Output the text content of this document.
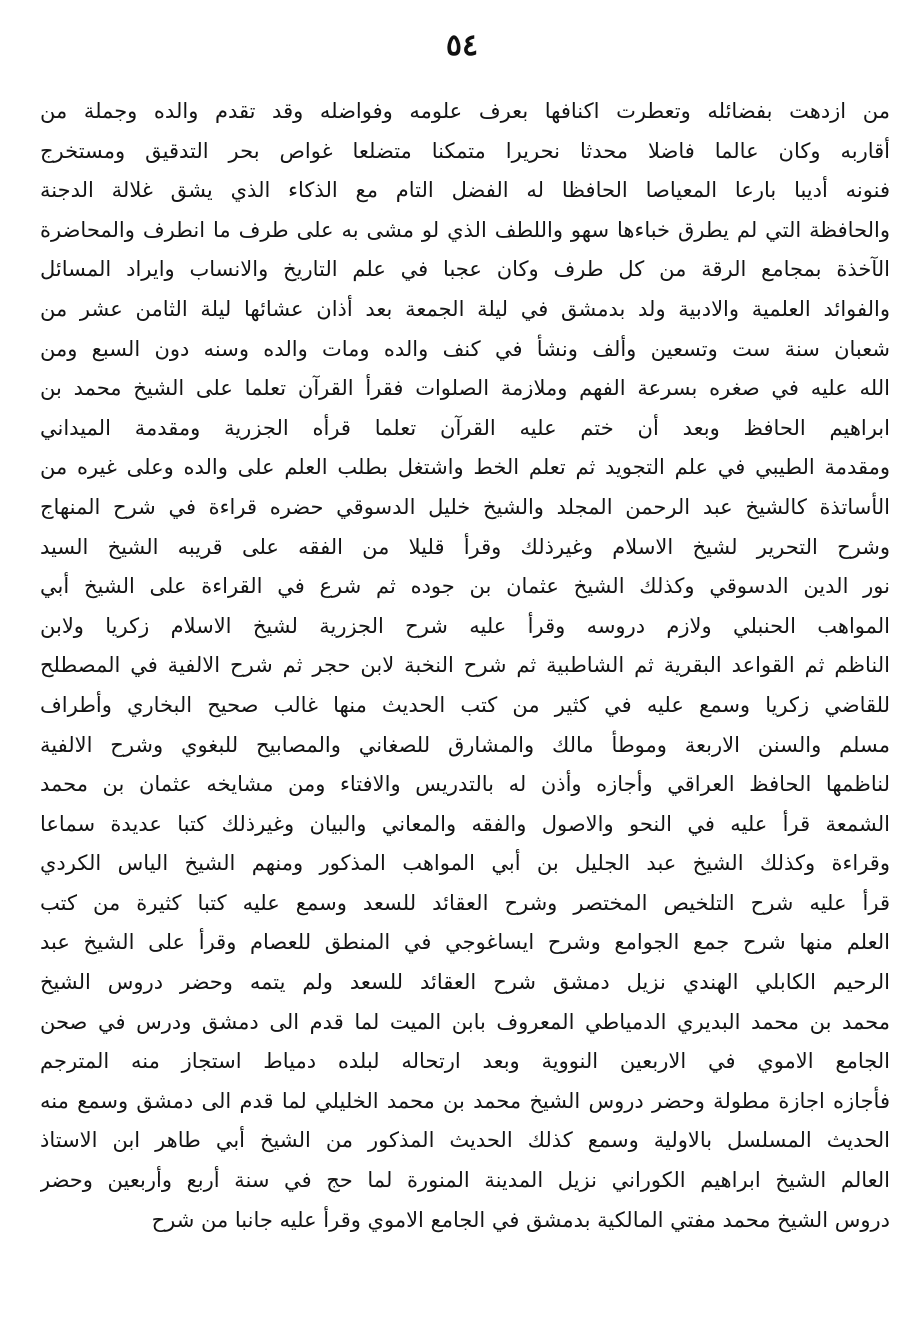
٥٤
من ازدهت بفضائله وتعطرت اكنافها بعرف علومه وفواضله وقد تقدم والده وجملة من
أقاربه وكان عالما فاضلا محدثا نحريرا متمكنا متضلعا غواص بحر التدقيق ومستخرج
فنونه أديبا بارعا المعياصا الحافظا له الفضل التام مع الذكاء الذي يشق غلالة الدجنة
والحافظة التي لم يطرق خباءها سهو واللطف الذي لو مشى به على طرف ما انطرف والمحاضرة
الآخذة بمجامع الرقة من كل طرف وكان عجبا في علم التاريخ والانساب وايراد المسائل
والفوائد العلمية والادبية ولد بدمشق في ليلة الجمعة بعد أذان عشائها ليلة الثامن عشر من
شعبان سنة ست وتسعين وألف ونشأ في كنف والده ومات والده وسنه دون السبع ومن
الله عليه في صغره بسرعة الفهم وملازمة الصلوات فقرأ القرآن تعلما على الشيخ محمد بن
ابراهيم الحافظ وبعد أن ختم عليه القرآن تعلما قرأه الجزرية ومقدمة الميداني
ومقدمة الطيبي في علم التجويد ثم تعلم الخط واشتغل بطلب العلم على والده وعلى غيره من
الأساتذة كالشيخ عبد الرحمن المجلد والشيخ خليل الدسوقي حضره قراءة في شرح المنهاج
وشرح التحرير لشيخ الاسلام وغيرذلك وقرأ قليلا من الفقه على قريبه الشيخ السيد
نور الدين الدسوقي وكذلك الشيخ عثمان بن جوده ثم شرع في القراءة على الشيخ أبي
المواهب الحنبلي ولازم دروسه وقرأ عليه شرح الجزرية لشيخ الاسلام زكريا ولابن
الناظم ثم القواعد البقرية ثم الشاطبية ثم شرح النخبة لابن حجر ثم شرح الالفية في المصطلح
للقاضي زكريا وسمع عليه في كثير من كتب الحديث منها غالب صحيح البخاري وأطراف
مسلم والسنن الاربعة وموطأ مالك والمشارق للصغاني والمصابيح للبغوي وشرح الالفية
لناظمها الحافظ العراقي وأجازه وأذن له بالتدريس والافتاء ومن مشايخه عثمان بن محمد
الشمعة قرأ عليه في النحو والاصول والفقه والمعاني والبيان وغيرذلك كتبا عديدة سماعا
وقراءة وكذلك الشيخ عبد الجليل بن أبي المواهب المذكور ومنهم الشيخ الياس الكردي
قرأ عليه شرح التلخيص المختصر وشرح العقائد للسعد وسمع عليه كتبا كثيرة من كتب
العلم منها شرح جمع الجوامع وشرح ايساغوجي في المنطق للعصام وقرأ على الشيخ عبد
الرحيم الكابلي الهندي نزيل دمشق شرح العقائد للسعد ولم يتمه وحضر دروس الشيخ
محمد بن محمد البديري الدمياطي المعروف بابن الميت لما قدم الى دمشق ودرس في صحن
الجامع الاموي في الاربعين النووية وبعد ارتحاله لبلده دمياط استجاز منه المترجم
فأجازه اجازة مطولة وحضر دروس الشيخ محمد بن محمد الخليلي لما قدم الى دمشق وسمع منه
الحديث المسلسل بالاولية وسمع كذلك الحديث المذكور من الشيخ أبي طاهر ابن الاستاذ
العالم الشيخ ابراهيم الكوراني نزيل المدينة المنورة لما حج في سنة أربع وأربعين وحضر
دروس الشيخ محمد مفتي المالكية بدمشق في الجامع الاموي وقرأ عليه جانبا من شرح
